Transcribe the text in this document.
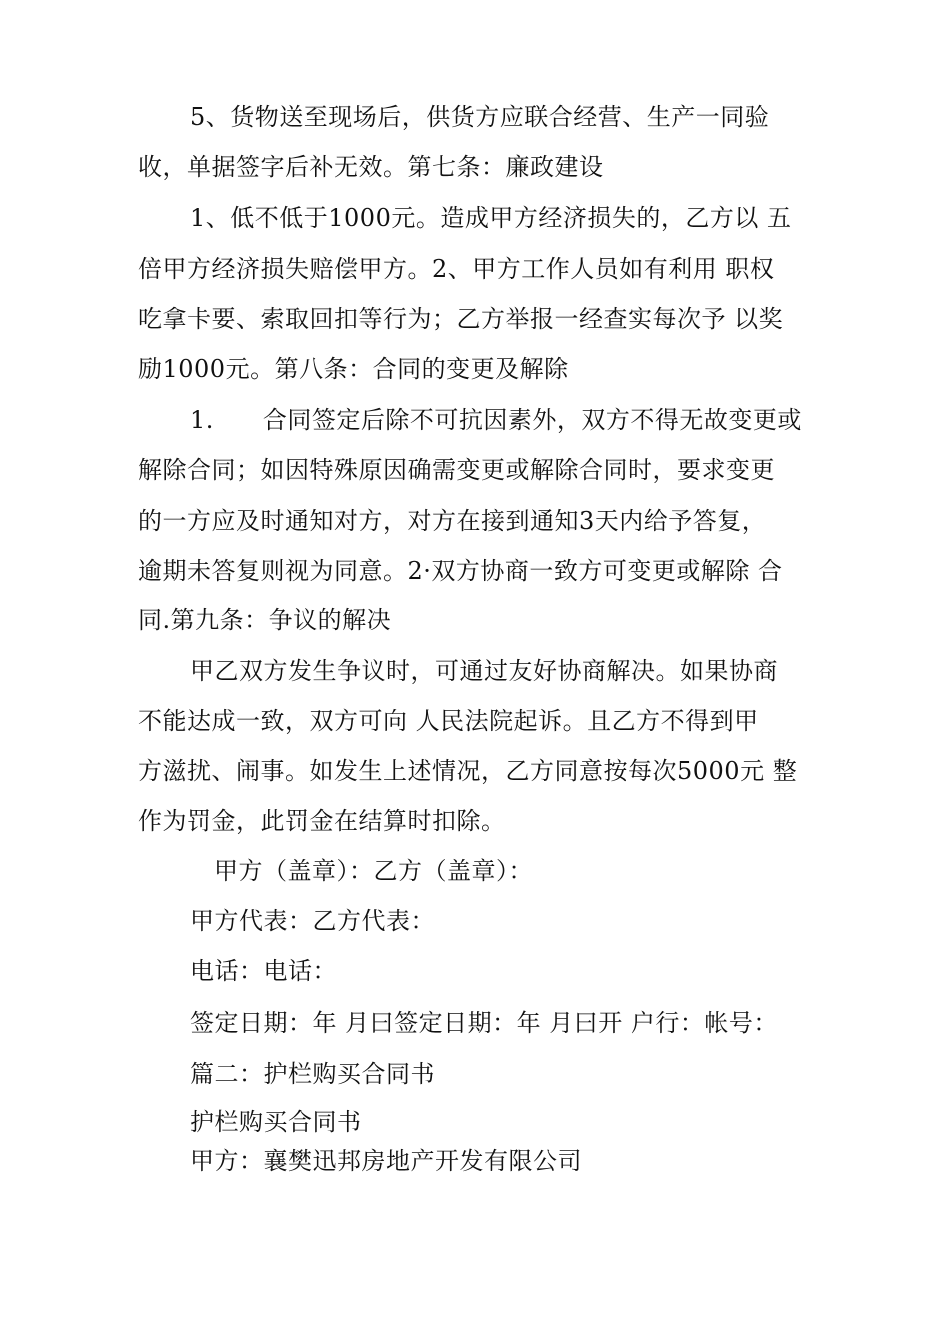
5、货物送至现场后，供货方应联合经营、生产一同验
收，单据签字后补无效。第七条：廉政建设
1、低不低于1000元。造成甲方经济损失的，乙方以 五
倍甲方经济损失赔偿甲方。2、甲方工作人员如有利用 职权
吃拿卡要、索取回扣等行为；乙方举报一经查实每次予 以奖
励1000元。第八条：合同的变更及解除
1.　　合同签定后除不可抗因素外，双方不得无故变更或
解除合同；如因特殊原因确需变更或解除合同时，要求变更
的一方应及时通知对方，对方在接到通知3天内给予答复，
逾期未答复则视为同意。2·双方协商一致方可变更或解除 合
同.第九条：争议的解决
甲乙双方发生争议时，可通过友好协商解决。如果协商
不能达成一致，双方可向 人民法院起诉。且乙方不得到甲
方滋扰、闹事。如发生上述情况，乙方同意按每次5000元 整
作为罚金，此罚金在结算时扣除。
甲方（盖章）：乙方（盖章）：
甲方代表：乙方代表：
电话：电话：
签定日期：年 月曰签定日期：年 月曰开 户行：帐号：
篇二：护栏购买合同书
护栏购买合同书
甲方：襄樊迅邦房地产开发有限公司
